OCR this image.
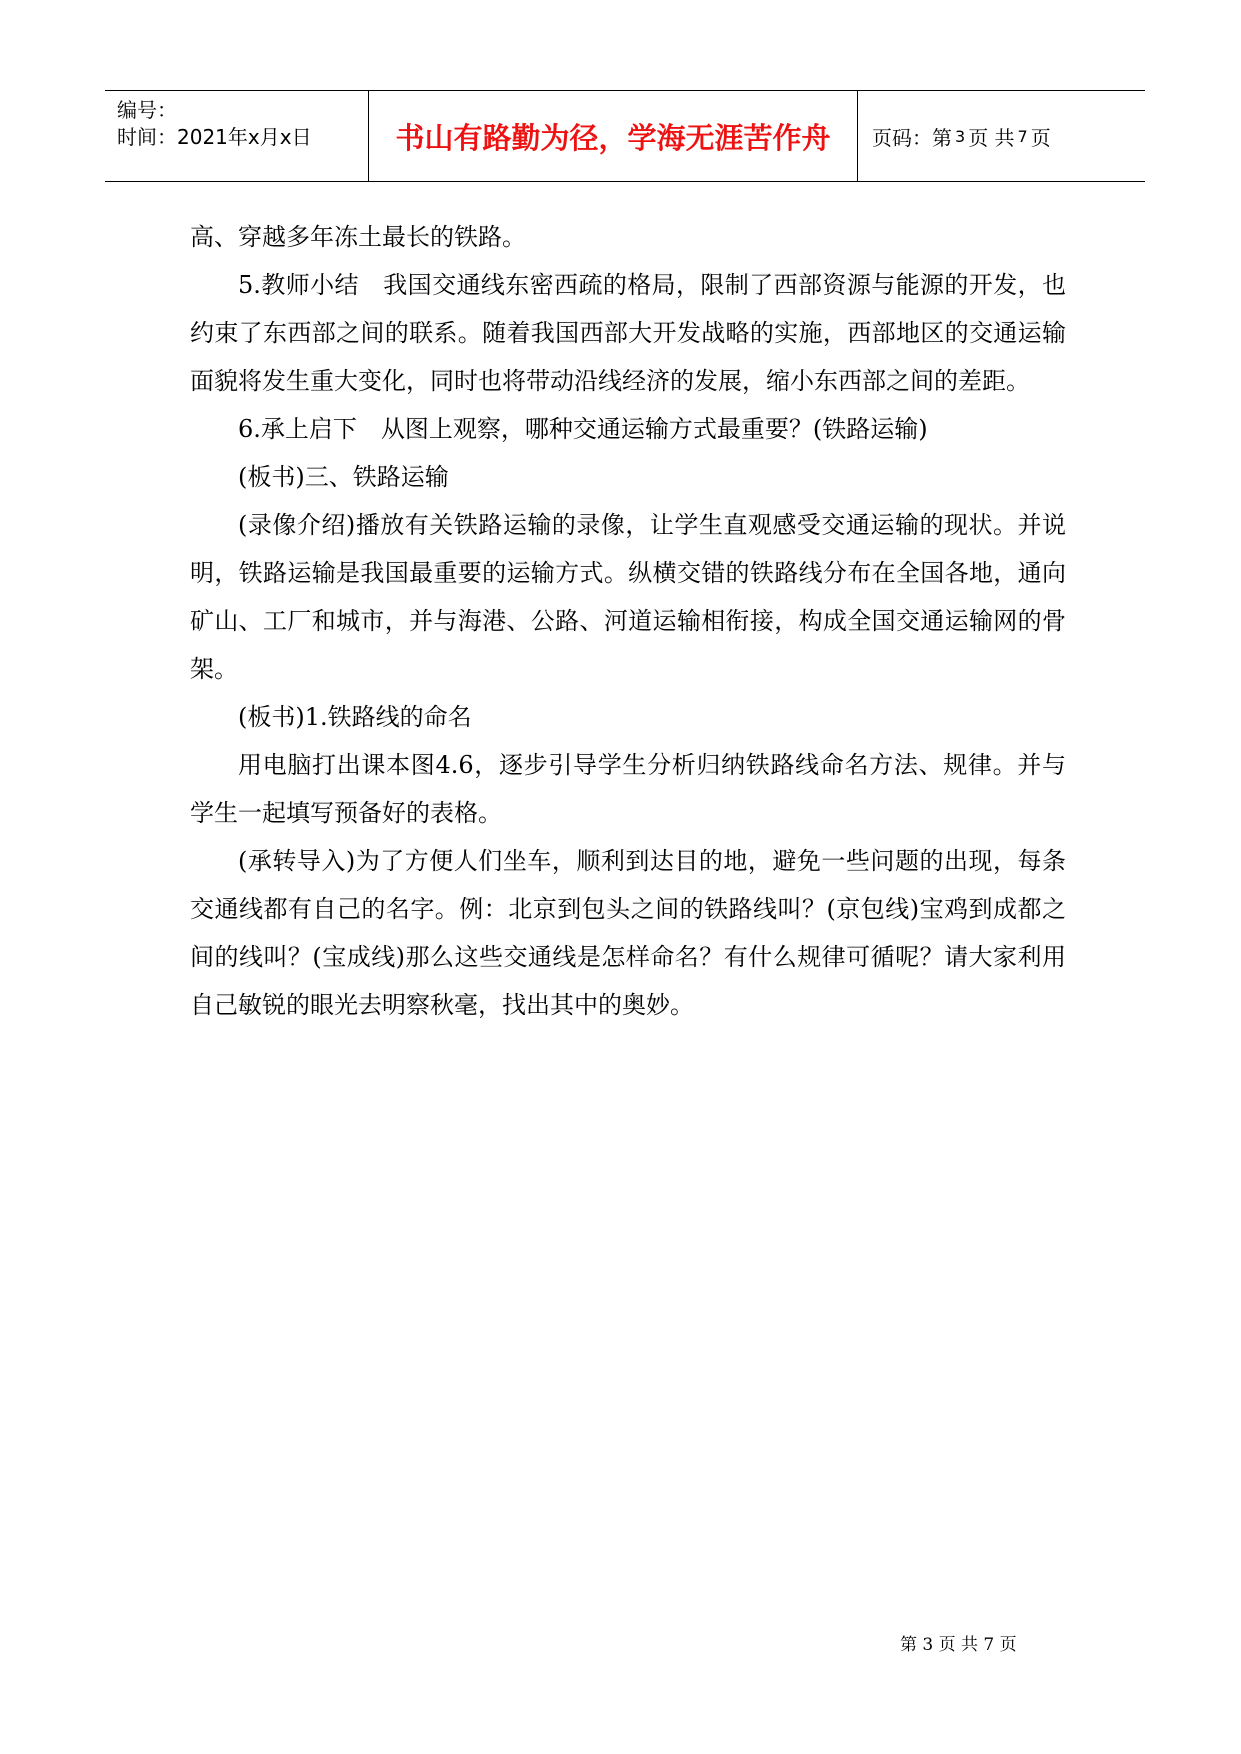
编号：
时间：2021年x月x日	书山有路勤为径，学海无涯苦作舟	页码：第 3 页 共 7 页

高、穿越多年冻土最长的铁路。

5.教师小结　我国交通线东密西疏的格局，限制了西部资源与能源的开发，也约束了东西部之间的联系。随着我国西部大开发战略的实施，西部地区的交通运输面貌将发生重大变化，同时也将带动沿线经济的发展，缩小东西部之间的差距。

6.承上启下　从图上观察，哪种交通运输方式最重要？(铁路运输)

(板书)三、铁路运输

(录像介绍)播放有关铁路运输的录像，让学生直观感受交通运输的现状。并说明，铁路运输是我国最重要的运输方式。纵横交错的铁路线分布在全国各地，通向矿山、工厂和城市，并与海港、公路、河道运输相衔接，构成全国交通运输网的骨架。

(板书)1.铁路线的命名

用电脑打出课本图4.6，逐步引导学生分析归纳铁路线命名方法、规律。并与学生一起填写预备好的表格。

(承转导入)为了方便人们坐车，顺利到达目的地，避免一些问题的出现，每条交通线都有自己的名字。例：北京到包头之间的铁路线叫？(京包线)宝鸡到成都之间的线叫？(宝成线)那么这些交通线是怎样命名？有什么规律可循呢？请大家利用自己敏锐的眼光去明察秋毫，找出其中的奥妙。

第 3 页 共 7 页
